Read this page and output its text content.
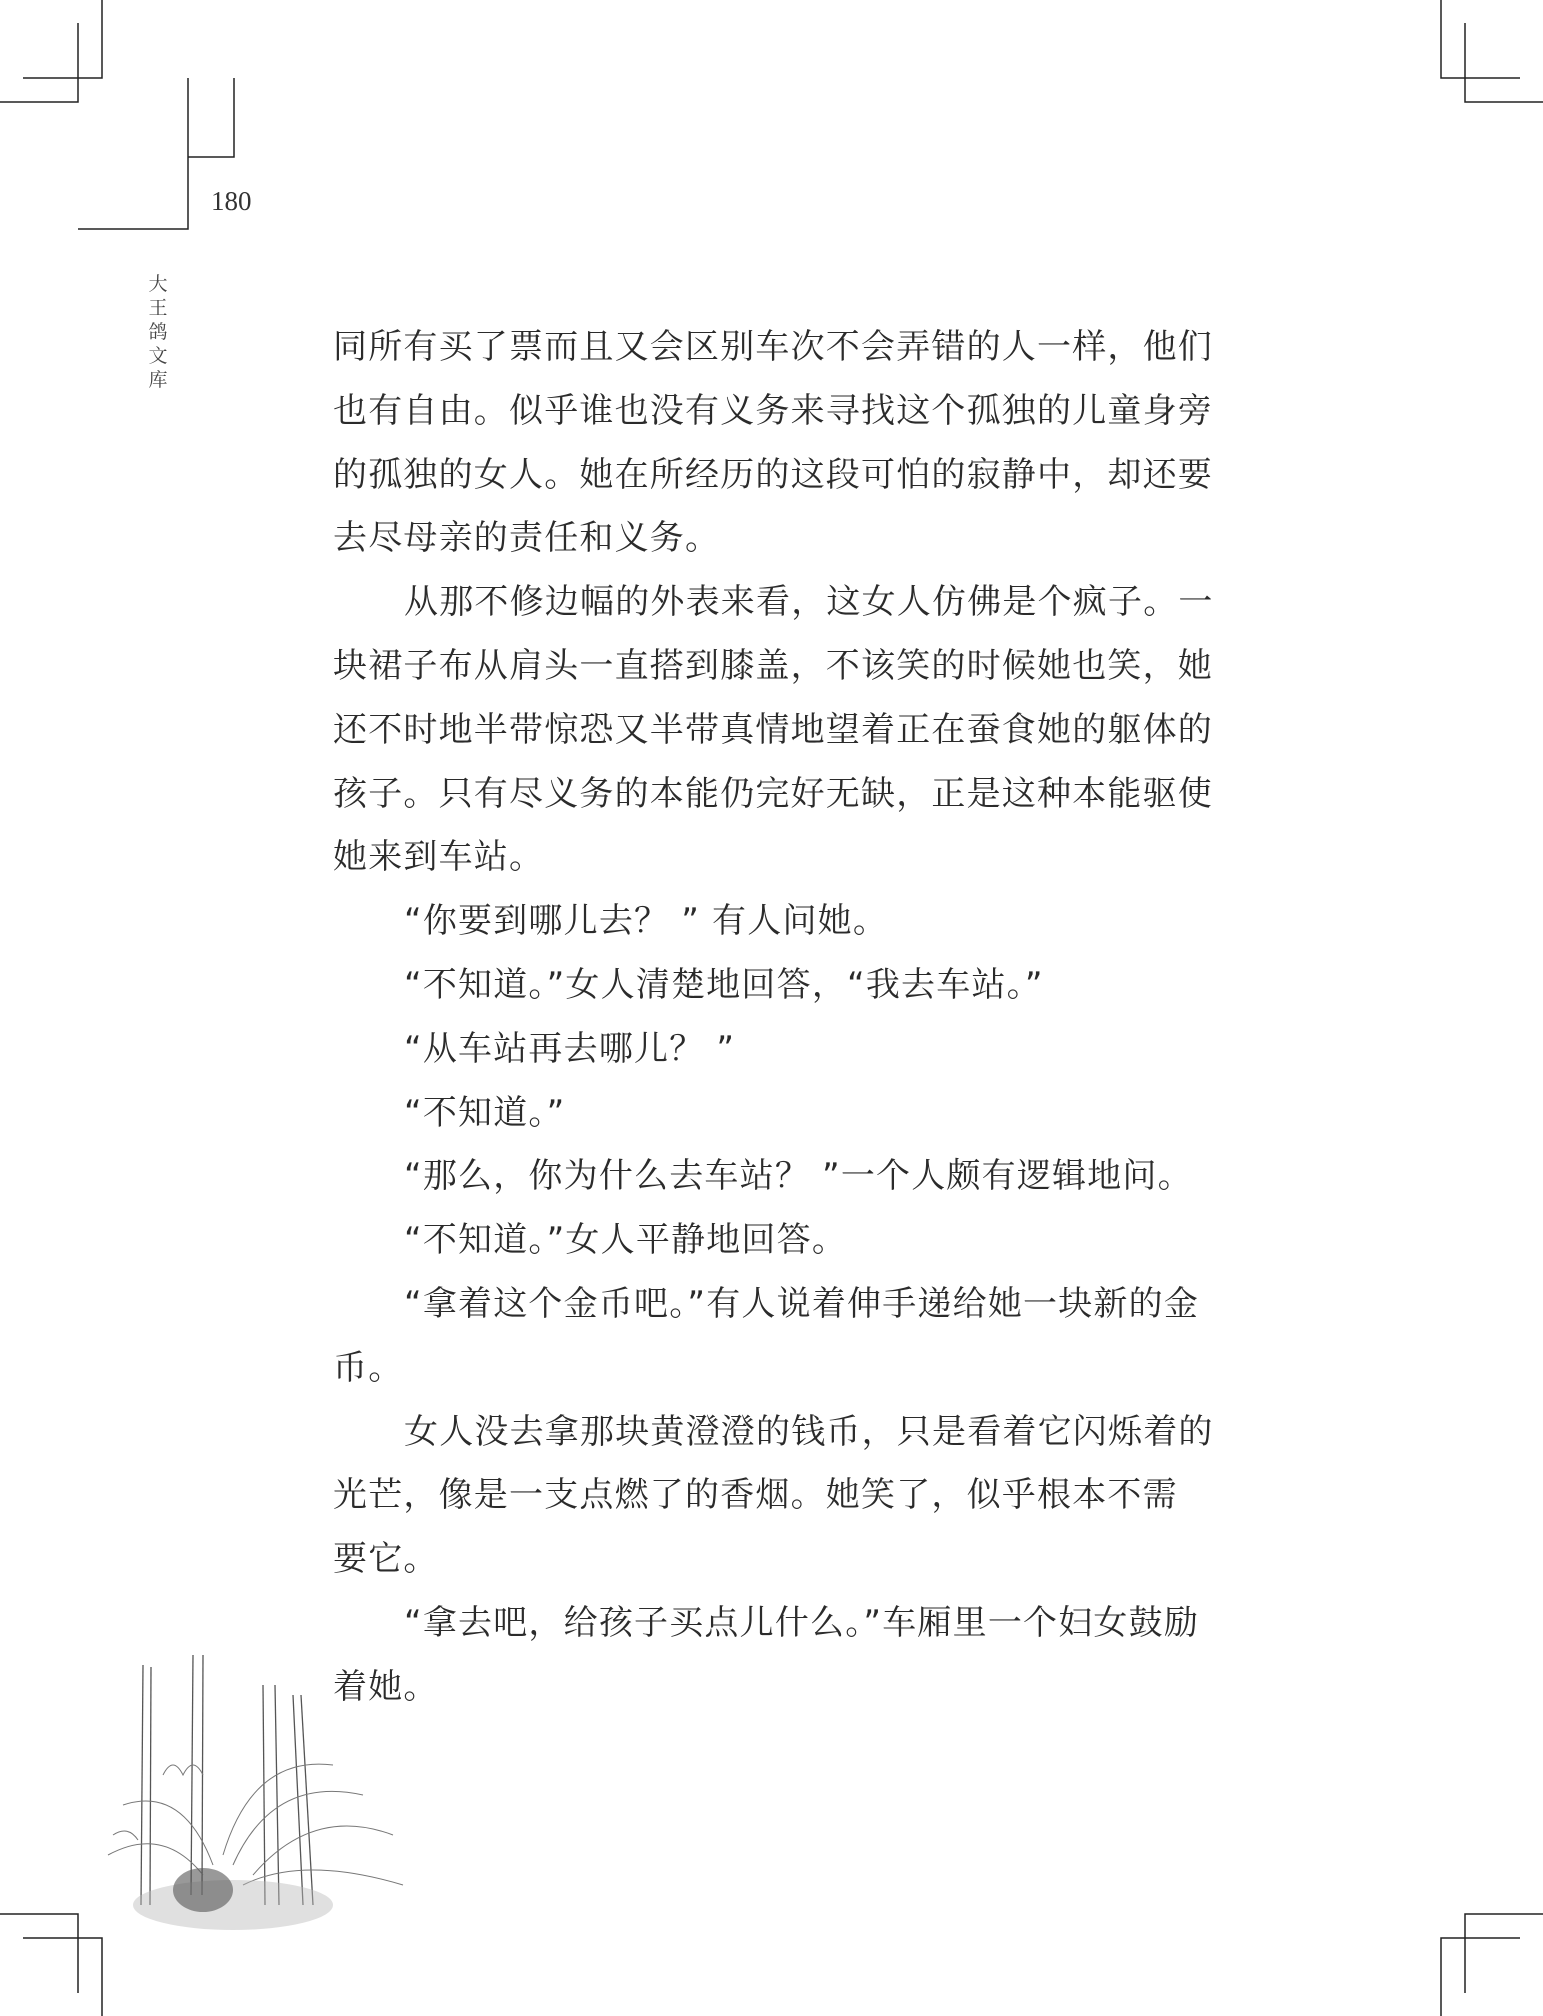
180
大
王
鸽
文
库
同所有买了票而且又会区别车次不会弄错的人一样，他们
也有自由。似乎谁也没有义务来寻找这个孤独的儿童身旁
的孤独的女人。她在所经历的这段可怕的寂静中，却还要
去尽母亲的责任和义务。
从那不修边幅的外表来看，这女人仿佛是个疯子。一
块裙子布从肩头一直搭到膝盖，不该笑的时候她也笑，她
还不时地半带惊恐又半带真情地望着正在蚕食她的躯体的
孩子。只有尽义务的本能仍完好无缺，正是这种本能驱使
她来到车站。
“你要到哪儿去？ ” 有人问她。
“不知道。”女人清楚地回答，“我去车站。”
“从车站再去哪儿？ ”
“不知道。”
“那么，你为什么去车站？ ”一个人颇有逻辑地问。
“不知道。”女人平静地回答。
“拿着这个金币吧。”有人说着伸手递给她一块新的金
币。
女人没去拿那块黄澄澄的钱币，只是看着它闪烁着的
光芒，像是一支点燃了的香烟。她笑了，似乎根本不需
要它。
“拿去吧，给孩子买点儿什么。”车厢里一个妇女鼓励
着她。
